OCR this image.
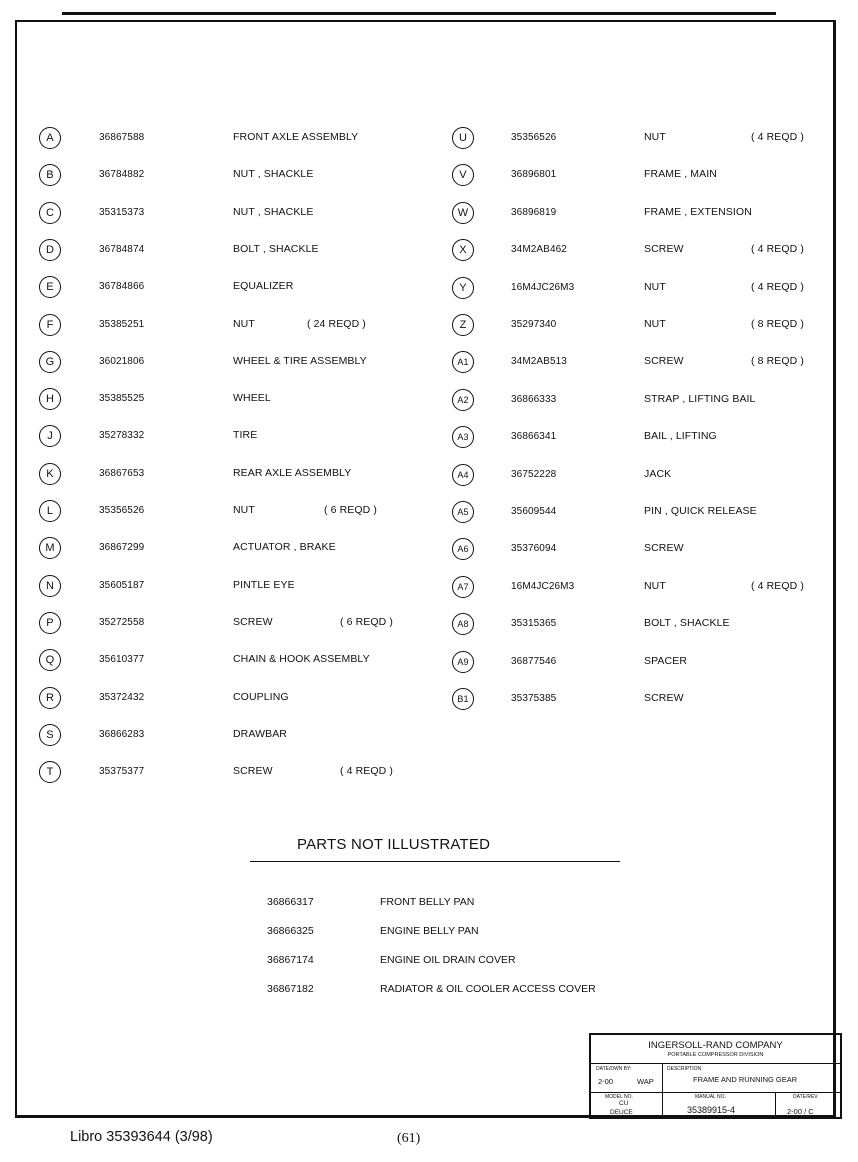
A	36867588	FRONT AXLE ASSEMBLY
B	36784882	NUT , SHACKLE
C	35315373	NUT , SHACKLE
D	36784874	BOLT , SHACKLE
E	36784866	EQUALIZER
F	35385251	NUT	( 24 REQD )
G	36021806	WHEEL & TIRE ASSEMBLY
H	35385525	WHEEL
J	35278332	TIRE
K	36867653	REAR AXLE ASSEMBLY
L	35356526	NUT	( 6 REQD )
M	36867299	ACTUATOR , BRAKE
N	35605187	PINTLE EYE
P	35272558	SCREW	( 6 REQD )
Q	35610377	CHAIN & HOOK ASSEMBLY
R	35372432	COUPLING
S	36866283	DRAWBAR
T	35375377	SCREW	( 4 REQD )
U	35356526	NUT	( 4 REQD )
V	36896801	FRAME , MAIN
W	36896819	FRAME , EXTENSION
X	34M2AB462	SCREW	( 4 REQD )
Y	16M4JC26M3	NUT	( 4 REQD )
Z	35297340	NUT	( 8 REQD )
A1	34M2AB513	SCREW	( 8 REQD )
A2	36866333	STRAP , LIFTING BAIL
A3	36866341	BAIL , LIFTING
A4	36752228	JACK
A5	35609544	PIN , QUICK RELEASE
A6	35376094	SCREW
A7	16M4JC26M3	NUT	( 4 REQD )
A8	35315365	BOLT , SHACKLE
A9	36877546	SPACER
B1	35375385	SCREW
PARTS NOT ILLUSTRATED
36866317	FRONT BELLY PAN
36866325	ENGINE BELLY PAN
36867174	ENGINE OIL DRAIN COVER
36867182	RADIATOR & OIL COOLER ACCESS COVER
INGERSOLL-RAND COMPANY
PORTABLE COMPRESSOR DIVISION
DATE/DWN BY:
2-00	WAP
DESCRIPTION
FRAME AND RUNNING GEAR
MODEL NO.
CU
DEUCE
MANUAL NO.
35389915-4
DATE/REV.
2-00 / C
Libro 35393644 (3/98)	(61)
